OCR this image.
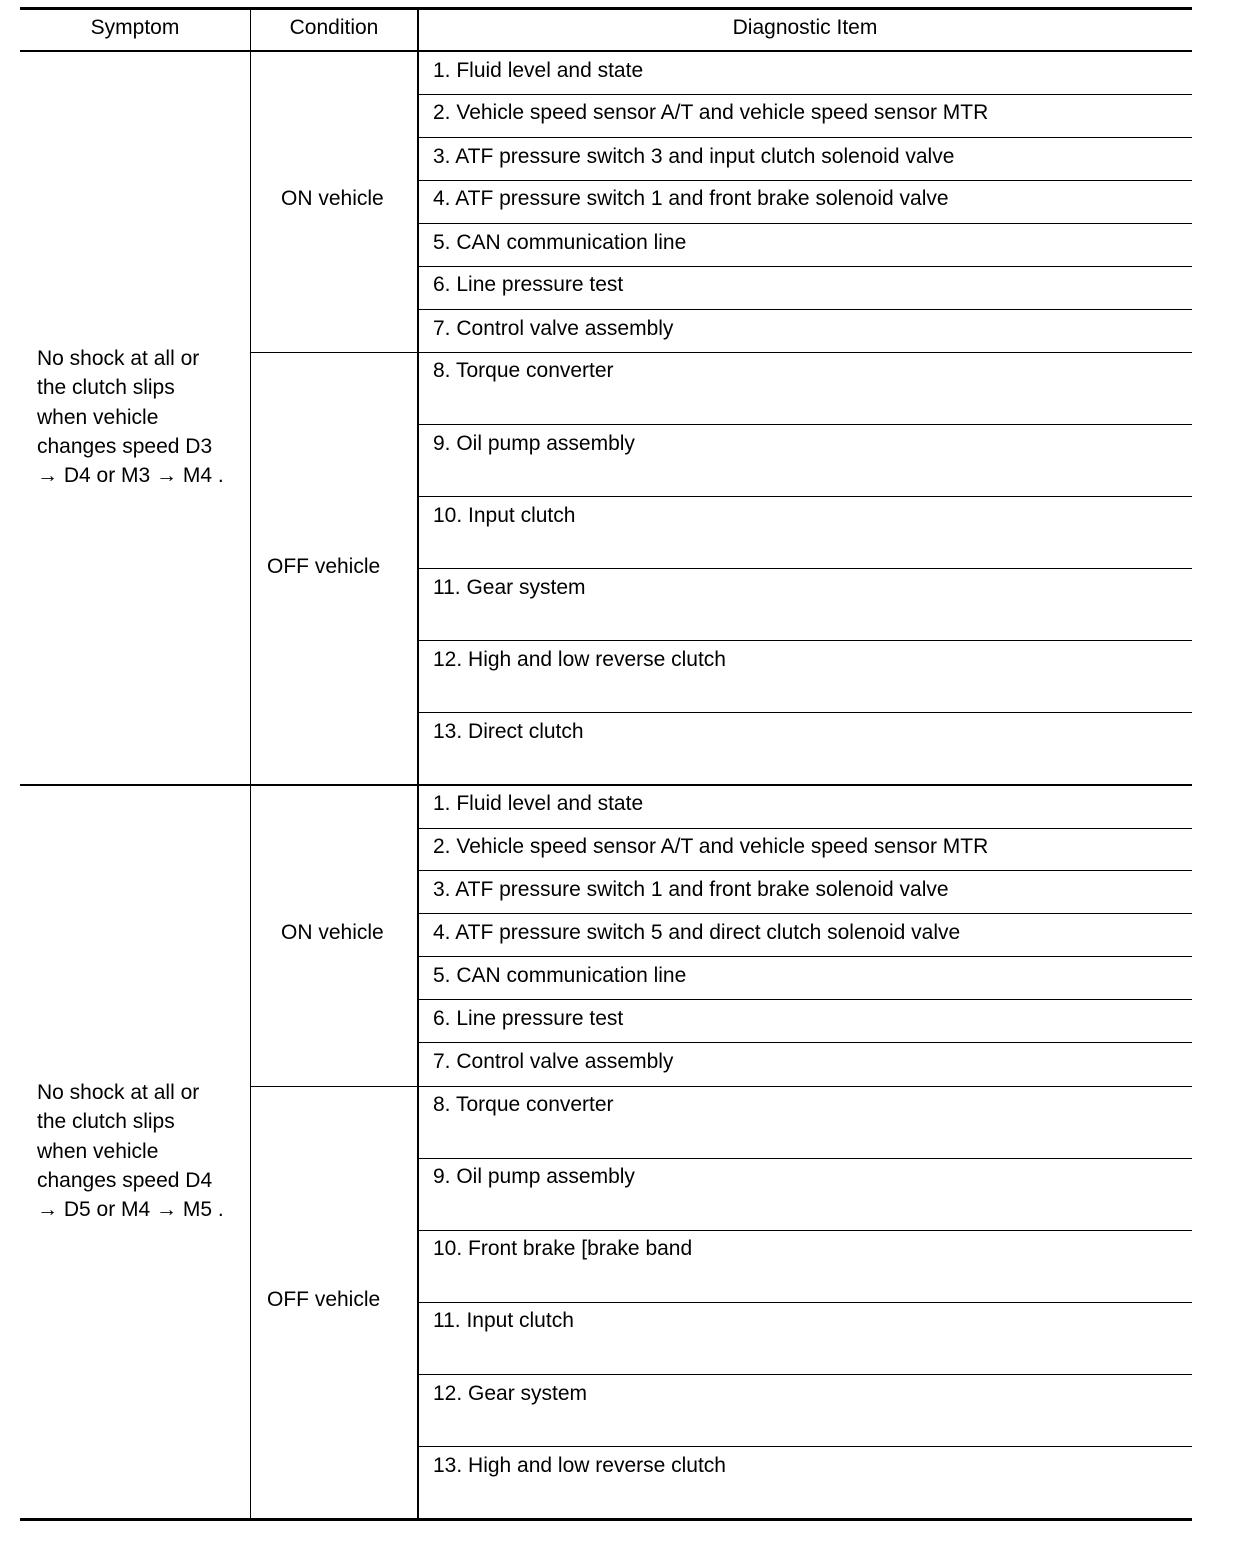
Symptom	Condition	Diagnostic Item
No shock at all or
the clutch slips
when vehicle
changes speed D3
→ D4 or M3 → M4 .
ON vehicle
OFF vehicle
1. Fluid level and state
2. Vehicle speed sensor A/T and vehicle speed sensor MTR
3. ATF pressure switch 3 and input clutch solenoid valve
4. ATF pressure switch 1 and front brake solenoid valve
5. CAN communication line
6. Line pressure test
7. Control valve assembly
8. Torque converter
9. Oil pump assembly
10. Input clutch
11. Gear system
12. High and low reverse clutch
13. Direct clutch
No shock at all or
the clutch slips
when vehicle
changes speed D4
→ D5 or M4 → M5 .
ON vehicle
OFF vehicle
1. Fluid level and state
2. Vehicle speed sensor A/T and vehicle speed sensor MTR
3. ATF pressure switch 1 and front brake solenoid valve
4. ATF pressure switch 5 and direct clutch solenoid valve
5. CAN communication line
6. Line pressure test
7. Control valve assembly
8. Torque converter
9. Oil pump assembly
10. Front brake [brake band
11. Input clutch
12. Gear system
13. High and low reverse clutch
